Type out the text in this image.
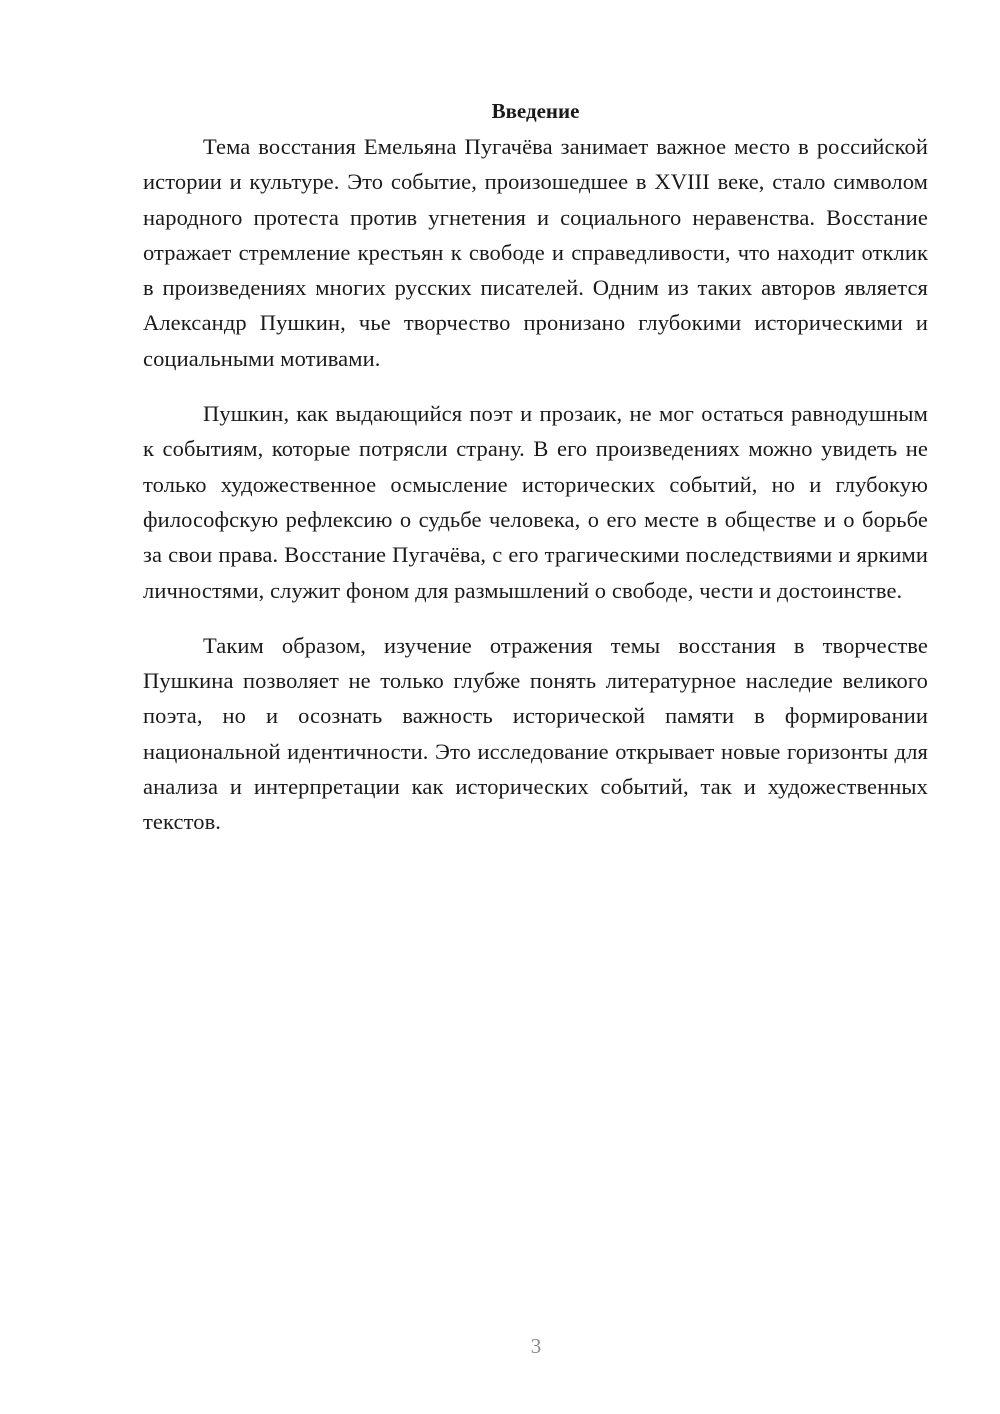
Введение

Тема восстания Емельяна Пугачёва занимает важное место в российской истории и культуре. Это событие, произошедшее в XVIII веке, стало символом народного протеста против угнетения и социального неравенства. Восстание отражает стремление крестьян к свободе и справедливости, что находит отклик в произведениях многих русских писателей. Одним из таких авторов является Александр Пушкин, чье творчество пронизано глубокими историческими и социальными мотивами.

Пушкин, как выдающийся поэт и прозаик, не мог остаться равнодушным к событиям, которые потрясли страну. В его произведениях можно увидеть не только художественное осмысление исторических событий, но и глубокую философскую рефлексию о судьбе человека, о его месте в обществе и о борьбе за свои права. Восстание Пугачёва, с его трагическими последствиями и яркими личностями, служит фоном для размышлений о свободе, чести и достоинстве.

Таким образом, изучение отражения темы восстания в творчестве Пушкина позволяет не только глубже понять литературное наследие великого поэта, но и осознать важность исторической памяти в формировании национальной идентичности. Это исследование открывает новые горизонты для анализа и интерпретации как исторических событий, так и художественных текстов.

3
